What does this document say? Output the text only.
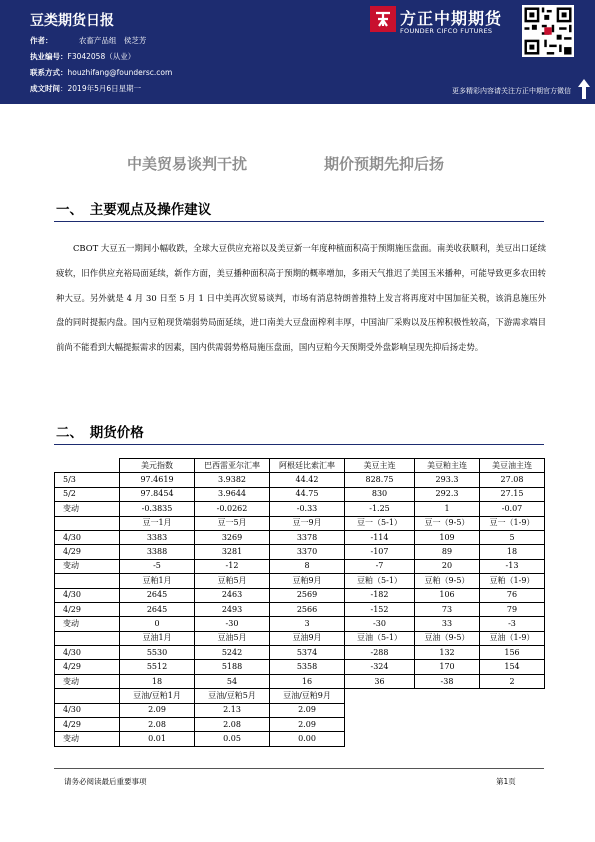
豆类期货日报
作者：	农畜产品组　侯芝芳
执业编号：F3042058（从业）
联系方式：houzhifang@foundersc.com
成文时间：2019年5月6日星期一
方正中期期货
FOUNDER CIFCO FUTURES
更多精彩内容请关注方正中期官方微信
中美贸易谈判干扰	期价预期先抑后扬
一、　主要观点及操作建议

CBOT 大豆五一期间小幅收跌，全球大豆供应充裕以及美豆新一年度种植面积高于预期施压盘面。南美收获顺利，美豆出口延续疲软，旧作供应充裕局面延续，新作方面，美豆播种面积高于预期的概率增加，多雨天气推迟了美国玉米播种，可能导致更多农田转种大豆。另外就是 4 月 30 日至 5 月 1 日中美再次贸易谈判，市场有消息特朗普推特上发言将再度对中国加征关税，该消息施压外盘的同时提振内盘。国内豆粕现货端弱势局面延续，进口南美大豆盘面榨利丰厚，中国油厂采购以及压榨积极性较高，下游需求端目前尚不能看到大幅提振需求的因素，国内供需弱势格局施压盘面，国内豆粕今天预期受外盘影响呈现先抑后扬走势。

二、　期货价格
	美元指数	巴西雷亚尔汇率	阿根廷比索汇率	美豆主连	美豆粕主连	美豆油主连
5/3	97.4619	3.9382	44.42	828.75	293.3	27.08
5/2	97.8454	3.9644	44.75	830	292.3	27.15
变动	-0.3835	-0.0262	-0.33	-1.25	1	-0.07
	豆一1月	豆一5月	豆一9月	豆一（5-1）	豆一（9-5）	豆一（1-9）
4/30	3383	3269	3378	-114	109	5
4/29	3388	3281	3370	-107	89	18
变动	-5	-12	8	-7	20	-13
	豆粕1月	豆粕5月	豆粕9月	豆粕（5-1）	豆粕（9-5）	豆粕（1-9）
4/30	2645	2463	2569	-182	106	76
4/29	2645	2493	2566	-152	73	79
变动	0	-30	3	-30	33	-3
	豆油1月	豆油5月	豆油9月	豆油（5-1）	豆油（9-5）	豆油（1-9）
4/30	5530	5242	5374	-288	132	156
4/29	5512	5188	5358	-324	170	154
变动	18	54	16	36	-38	2
	豆油/豆粕1月	豆油/豆粕5月	豆油/豆粕9月			
4/30	2.09	2.13	2.09			
4/29	2.08	2.08	2.09			
变动	0.01	0.05	0.00			
请务必阅读最后重要事项	第1页
